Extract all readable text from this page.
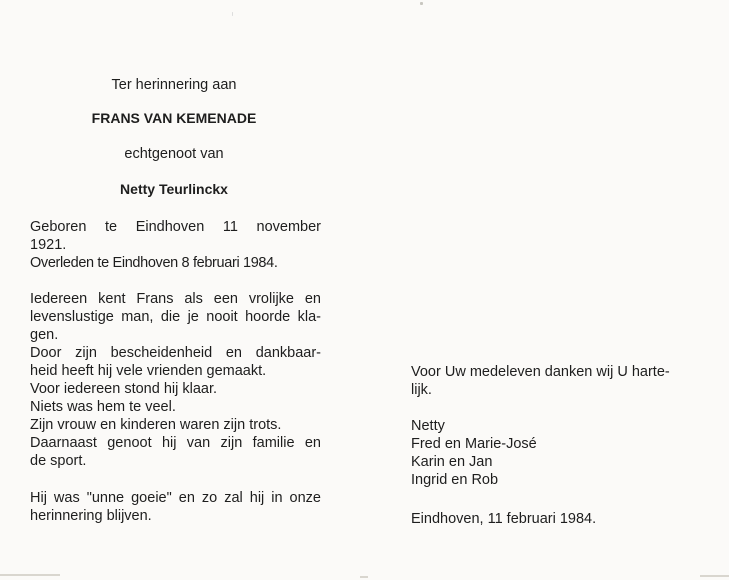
Ter herinnering aan
FRANS VAN KEMENADE
echtgenoot van
Netty Teurlinckx
Geboren te Eindhoven 11 november
1921.
Overleden te Eindhoven 8 februari 1984.
Iedereen kent Frans als een vrolijke en
levenslustige man, die je nooit hoorde kla-
gen.
Door zijn bescheidenheid en dankbaar-
heid heeft hij vele vrienden gemaakt.
Voor iedereen stond hij klaar.
Niets was hem te veel.
Zijn vrouw en kinderen waren zijn trots.
Daarnaast genoot hij van zijn familie en
de sport.
Hij was "unne goeie" en zo zal hij in onze
herinnering blijven.
Voor Uw medeleven danken wij U harte-
lijk.
Netty
Fred en Marie-José
Karin en Jan
Ingrid en Rob
Eindhoven, 11 februari 1984.
